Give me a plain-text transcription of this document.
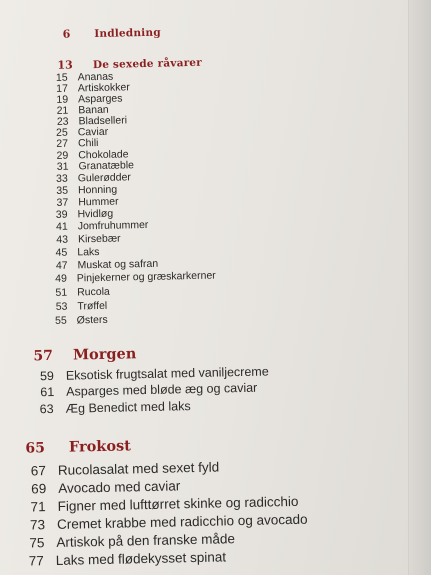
6 Indledning
13 De sexede råvarer
15 Ananas
17 Artiskokker
19 Asparges
21 Banan
23 Bladselleri
25 Caviar
27 Chili
29 Chokolade
31 Granatæble
33 Gulerødder
35 Honning
37 Hummer
39 Hvidløg
41 Jomfruhummer
43 Kirsebær
45 Laks
47 Muskat og safran
49 Pinjekerner og græskarkerner
51 Rucola
53 Trøffel
55 Østers
57 Morgen
59 Eksotisk frugtsalat med vaniljecreme
61 Asparges med bløde æg og caviar
63 Æg Benedict med laks
65 Frokost
67 Rucolasalat med sexet fyld
69 Avocado med caviar
71 Figner med lufttørret skinke og radicchio
73 Cremet krabbe med radicchio og avocado
75 Artiskok på den franske måde
77 Laks med flødekysset spinat
